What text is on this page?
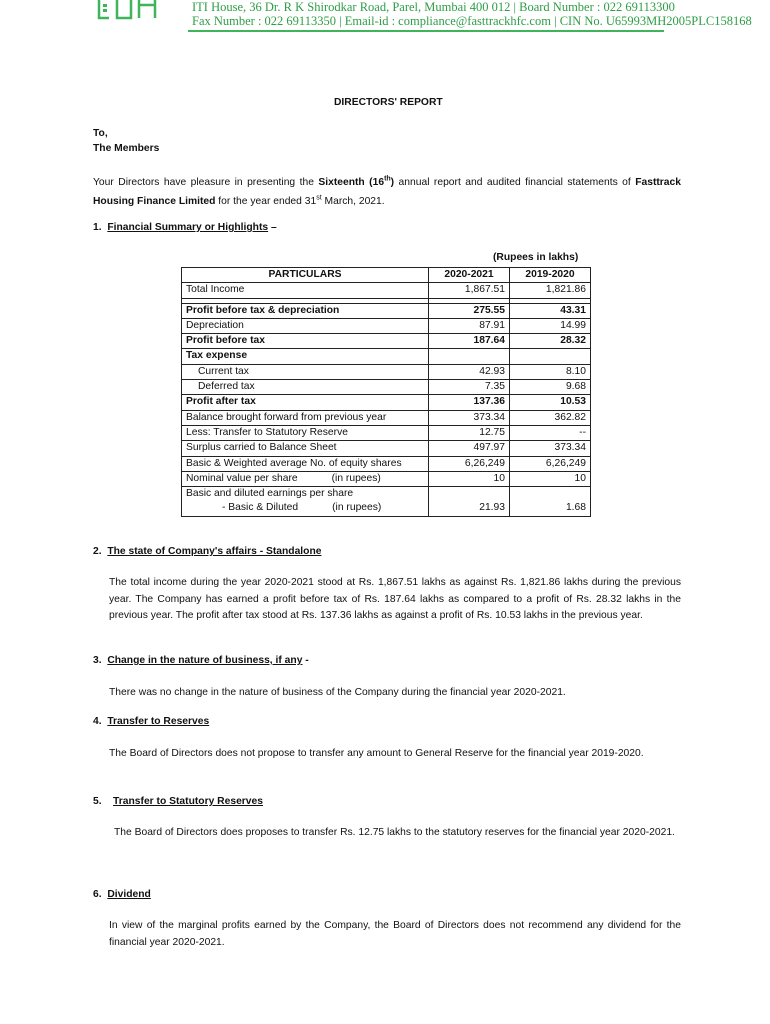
ITI House, 36 Dr. R K Shirodkar Road, Parel, Mumbai 400 012 | Board Number : 022 69113300
Fax Number : 022 69113350 | Email-id : compliance@fasttrackhfc.com | CIN No. U65993MH2005PLC158168
DIRECTORS' REPORT
To,
The Members
Your Directors have pleasure in presenting the Sixteenth (16th) annual report and audited financial statements of Fasttrack Housing Finance Limited for the year ended 31st March, 2021.
1. Financial Summary or Highlights –
(Rupees in lakhs)
PARTICULARS	2020-2021	2019-2020
Total Income	1,867.51	1,821.86

Profit before tax & depreciation	275.55	43.31
Depreciation	87.91	14.99
Profit before tax	187.64	28.32
Tax expense		
Current tax	42.93	8.10
Deferred tax	7.35	9.68
Profit after tax	137.36	10.53
Balance brought forward from previous year	373.34	362.82
Less: Transfer to Statutory Reserve	12.75	--
Surplus carried to Balance Sheet	497.97	373.34
Basic & Weighted average No. of equity shares	6,26,249	6,26,249
Nominal value per share (in rupees)	10	10
Basic and diluted earnings per share		
- Basic & Diluted (in rupees)	21.93	1.68
2. The state of Company's affairs - Standalone
The total income during the year 2020-2021 stood at Rs. 1,867.51 lakhs as against Rs. 1,821.86 lakhs during the previous year. The Company has earned a profit before tax of Rs. 187.64 lakhs as compared to a profit of Rs. 28.32 lakhs in the previous year. The profit after tax stood at Rs. 137.36 lakhs as against a profit of Rs. 10.53 lakhs in the previous year.
3. Change in the nature of business, if any -
There was no change in the nature of business of the Company during the financial year 2020-2021.
4. Transfer to Reserves
The Board of Directors does not propose to transfer any amount to General Reserve for the financial year 2019-2020.
5. Transfer to Statutory Reserves
The Board of Directors does proposes to transfer Rs. 12.75 lakhs to the statutory reserves for the financial year 2020-2021.
6. Dividend
In view of the marginal profits earned by the Company, the Board of Directors does not recommend any dividend for the financial year 2020-2021.
